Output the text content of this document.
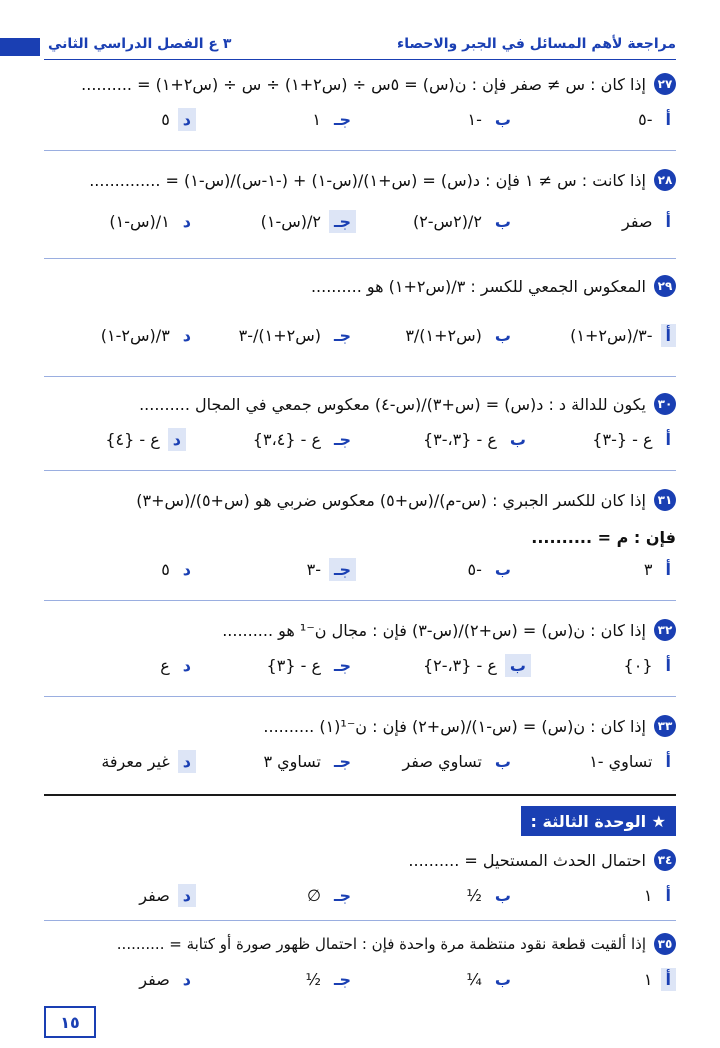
٣ ع الفصل الدراسي الثاني	مراجعة لأهم المسائل في الجبر والاحصاء
٢٧
إذا كان : س ≠ صفر فإن : ن(س) = ٥س ÷ (س٢+١) ÷ س ÷ (س٢+١) = ..........
أ
-٥
ب
-١
جـ
١
د
٥
٢٨
إذا كانت : س ≠ ١ فإن : د(س) = (س+١)/(س-١) + (-١-س)/(س-١) = ..............
أ
صفر
ب
٢/(٢س-٢)
جـ
٢/(س-١)
د
١/(س-١)
٢٩
المعكوس الجمعي للكسر : ٣/(س٢+١) هو ..........
أ
-٣/(س٢+١)
ب
(س٢+١)/٣
جـ
(س٢+١)/-٣
د
٣/(س٢-١)
٣٠
يكون للدالة د : د(س) = (س+٣)/(س-٤) معكوس جمعي في المجال ..........
أ
ع - {-٣}
ب
ع - {٣،-٣}
جـ
ع - {٣،٤}
د
ع - {٤}
٣١
إذا كان للكسر الجبري : (س-م)/(س+٥) معكوس ضربي هو (س+٥)/(س+٣)
فإن : م = ..........
أ
٣
ب
-٥
جـ
-٣
د
٥
٣٢
إذا كان : ن(س) = (س+٢)/(س-٣) فإن : مجال ن⁻¹ هو ..........
أ
{٠}
ب
ع - {٣،-٢}
جـ
ع - {٣}
د
ع
٣٣
إذا كان : ن(س) = (س-١)/(س+٢) فإن : ن⁻¹(١) ..........
أ
تساوي -١
ب
تساوي صفر
جـ
تساوي ٣
د
غير معرفة
★ الوحدة الثالثة :
٣٤
احتمال الحدث المستحيل = ..........
أ
١
ب
½
جـ
∅
د
صفر
٣٥
إذا ألقيت قطعة نقود منتظمة مرة واحدة فإن : احتمال ظهور صورة أو كتابة = ..........
أ
١
ب
¼
جـ
½
د
صفر
١٥
